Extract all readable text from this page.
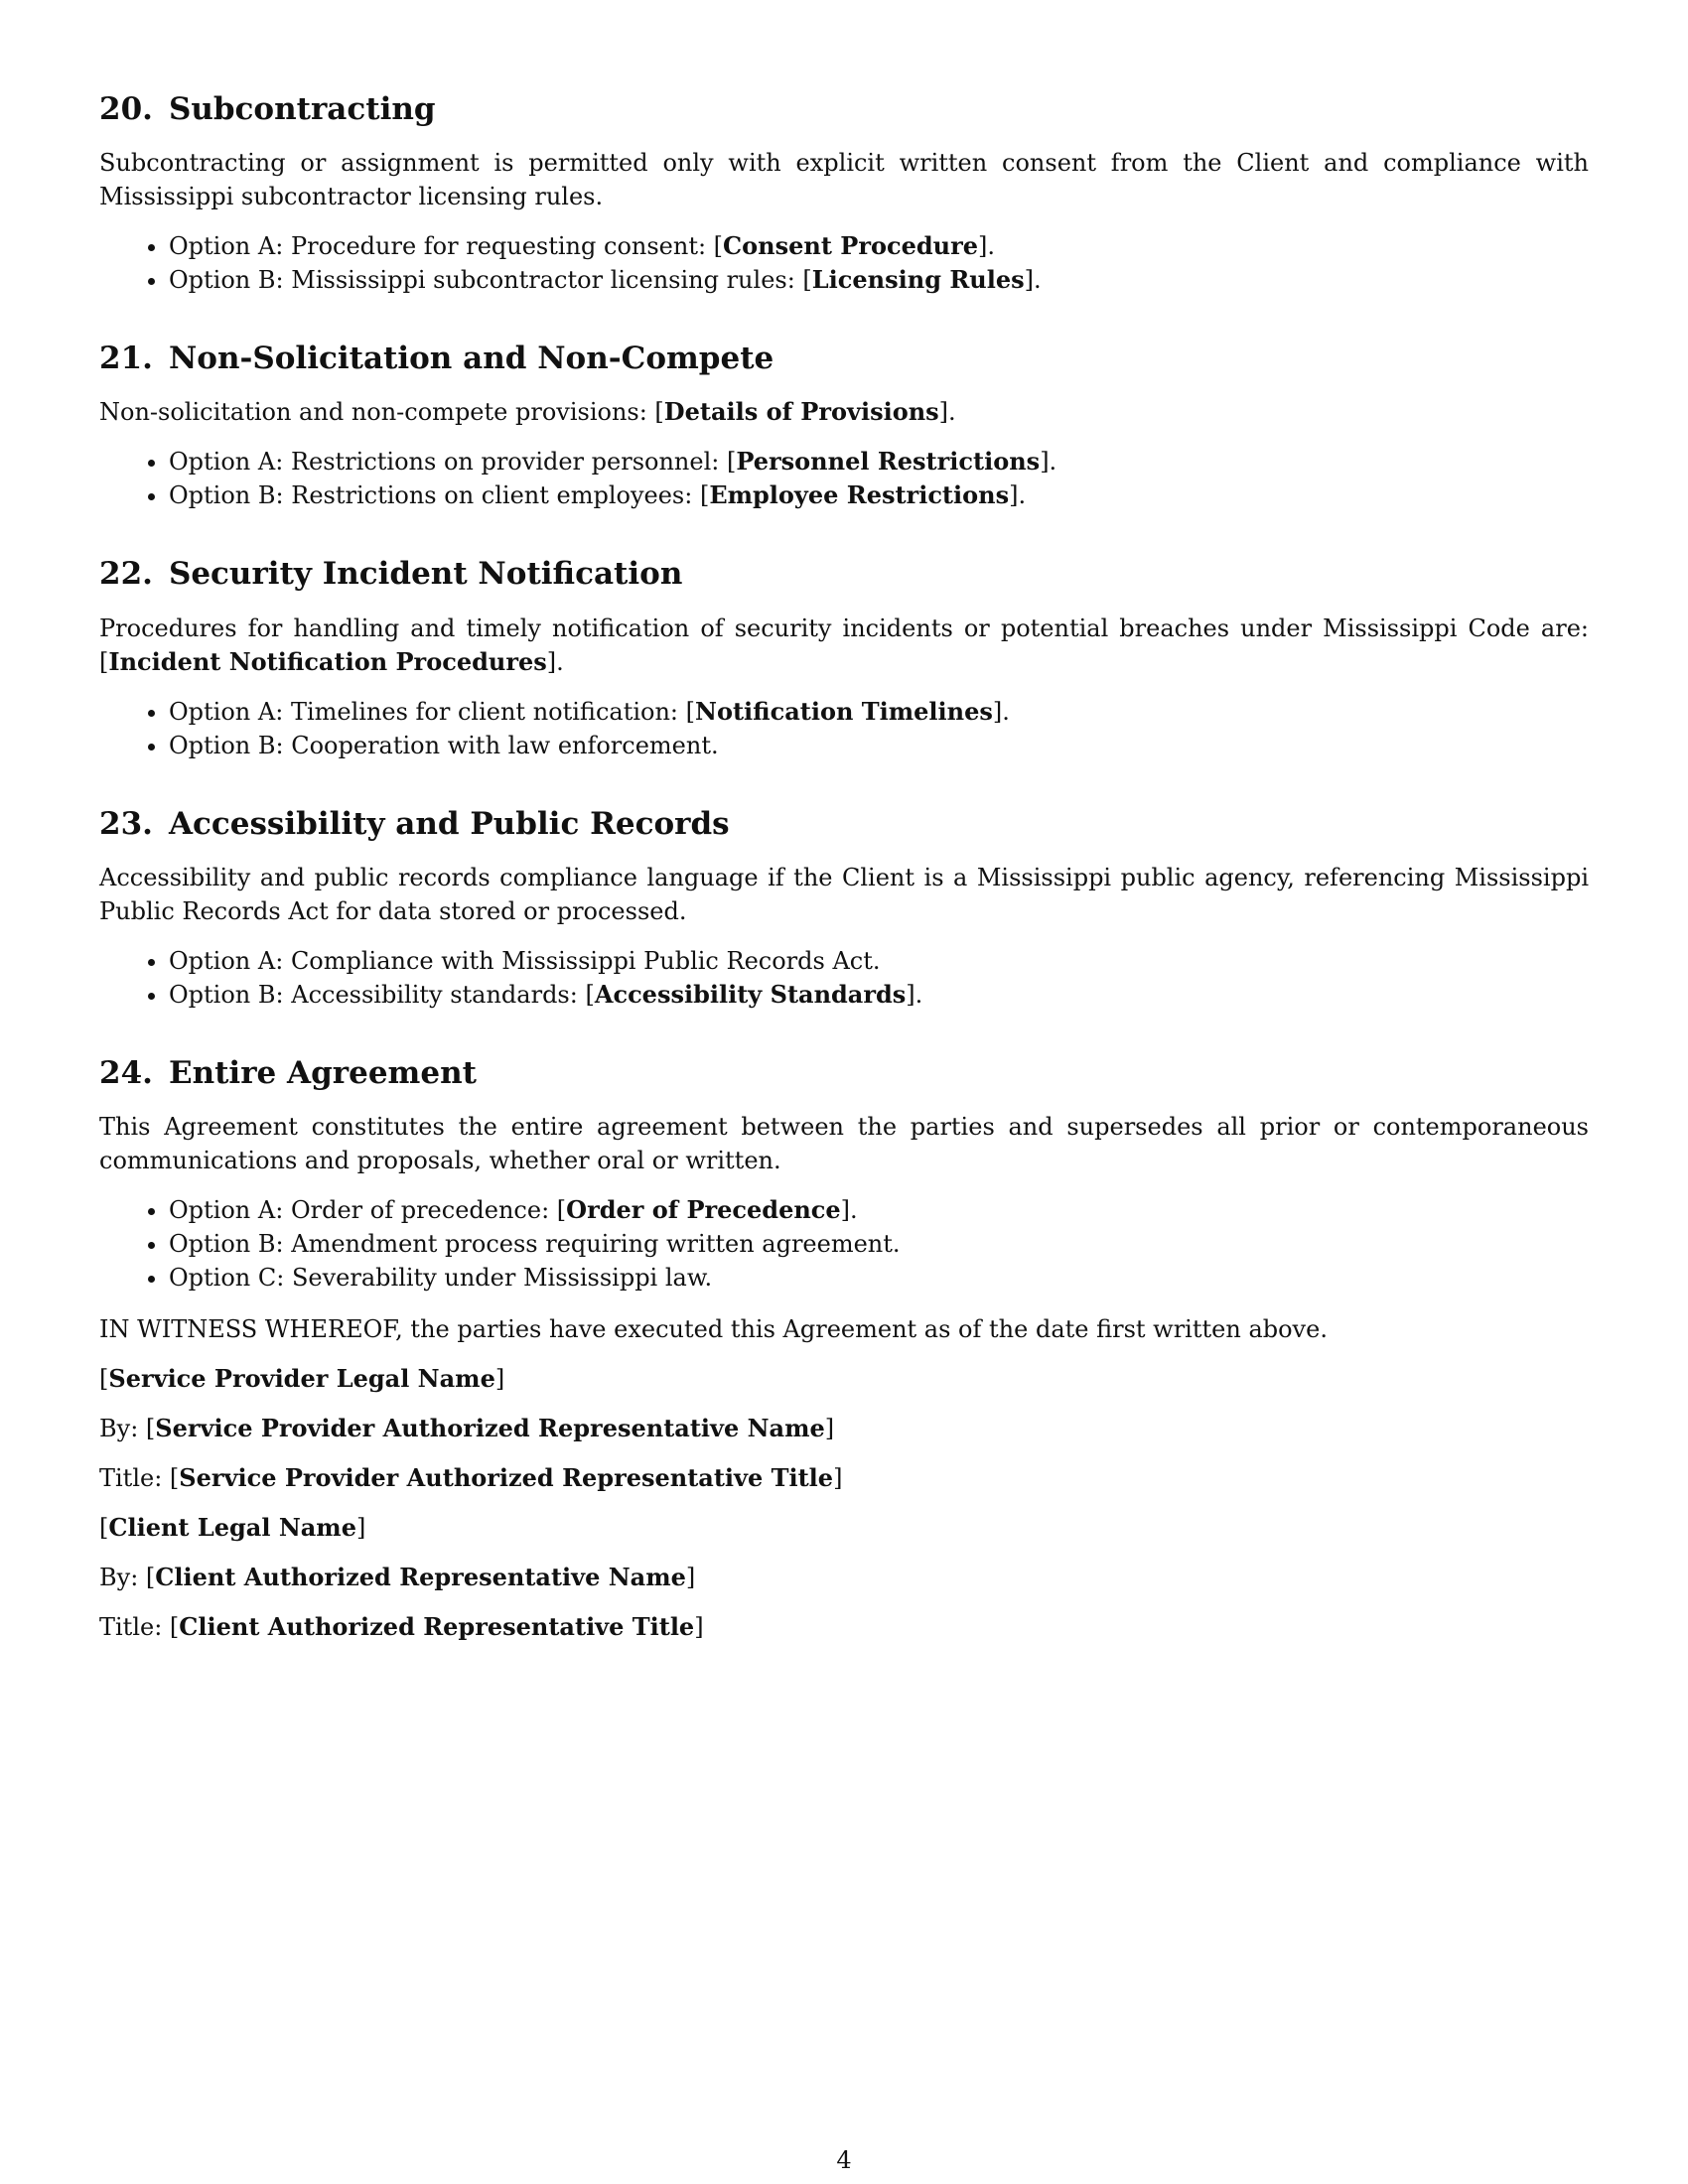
20. Subcontracting

Subcontracting or assignment is permitted only with explicit written consent from the Client and compliance with Mississippi subcontractor licensing rules.

• Option A: Procedure for requesting consent: [Consent Procedure].
• Option B: Mississippi subcontractor licensing rules: [Licensing Rules].
21. Non-Solicitation and Non-Compete

Non-solicitation and non-compete provisions: [Details of Provisions].

• Option A: Restrictions on provider personnel: [Personnel Restrictions].
• Option B: Restrictions on client employees: [Employee Restrictions].
22. Security Incident Notification

Procedures for handling and timely notification of security incidents or potential breaches under Mississippi Code are: [Incident Notification Procedures].

• Option A: Timelines for client notification: [Notification Timelines].
• Option B: Cooperation with law enforcement.
23. Accessibility and Public Records

Accessibility and public records compliance language if the Client is a Mississippi public agency, referencing Mississippi Public Records Act for data stored or processed.

• Option A: Compliance with Mississippi Public Records Act.
• Option B: Accessibility standards: [Accessibility Standards].
24. Entire Agreement

This Agreement constitutes the entire agreement between the parties and supersedes all prior or contemporaneous communications and proposals, whether oral or written.

• Option A: Order of precedence: [Order of Precedence].
• Option B: Amendment process requiring written agreement.
• Option C: Severability under Mississippi law.

IN WITNESS WHEREOF, the parties have executed this Agreement as of the date first written above.

[Service Provider Legal Name]

By: [Service Provider Authorized Representative Name]

Title: [Service Provider Authorized Representative Title]

[Client Legal Name]

By: [Client Authorized Representative Name]

Title: [Client Authorized Representative Title]

4
